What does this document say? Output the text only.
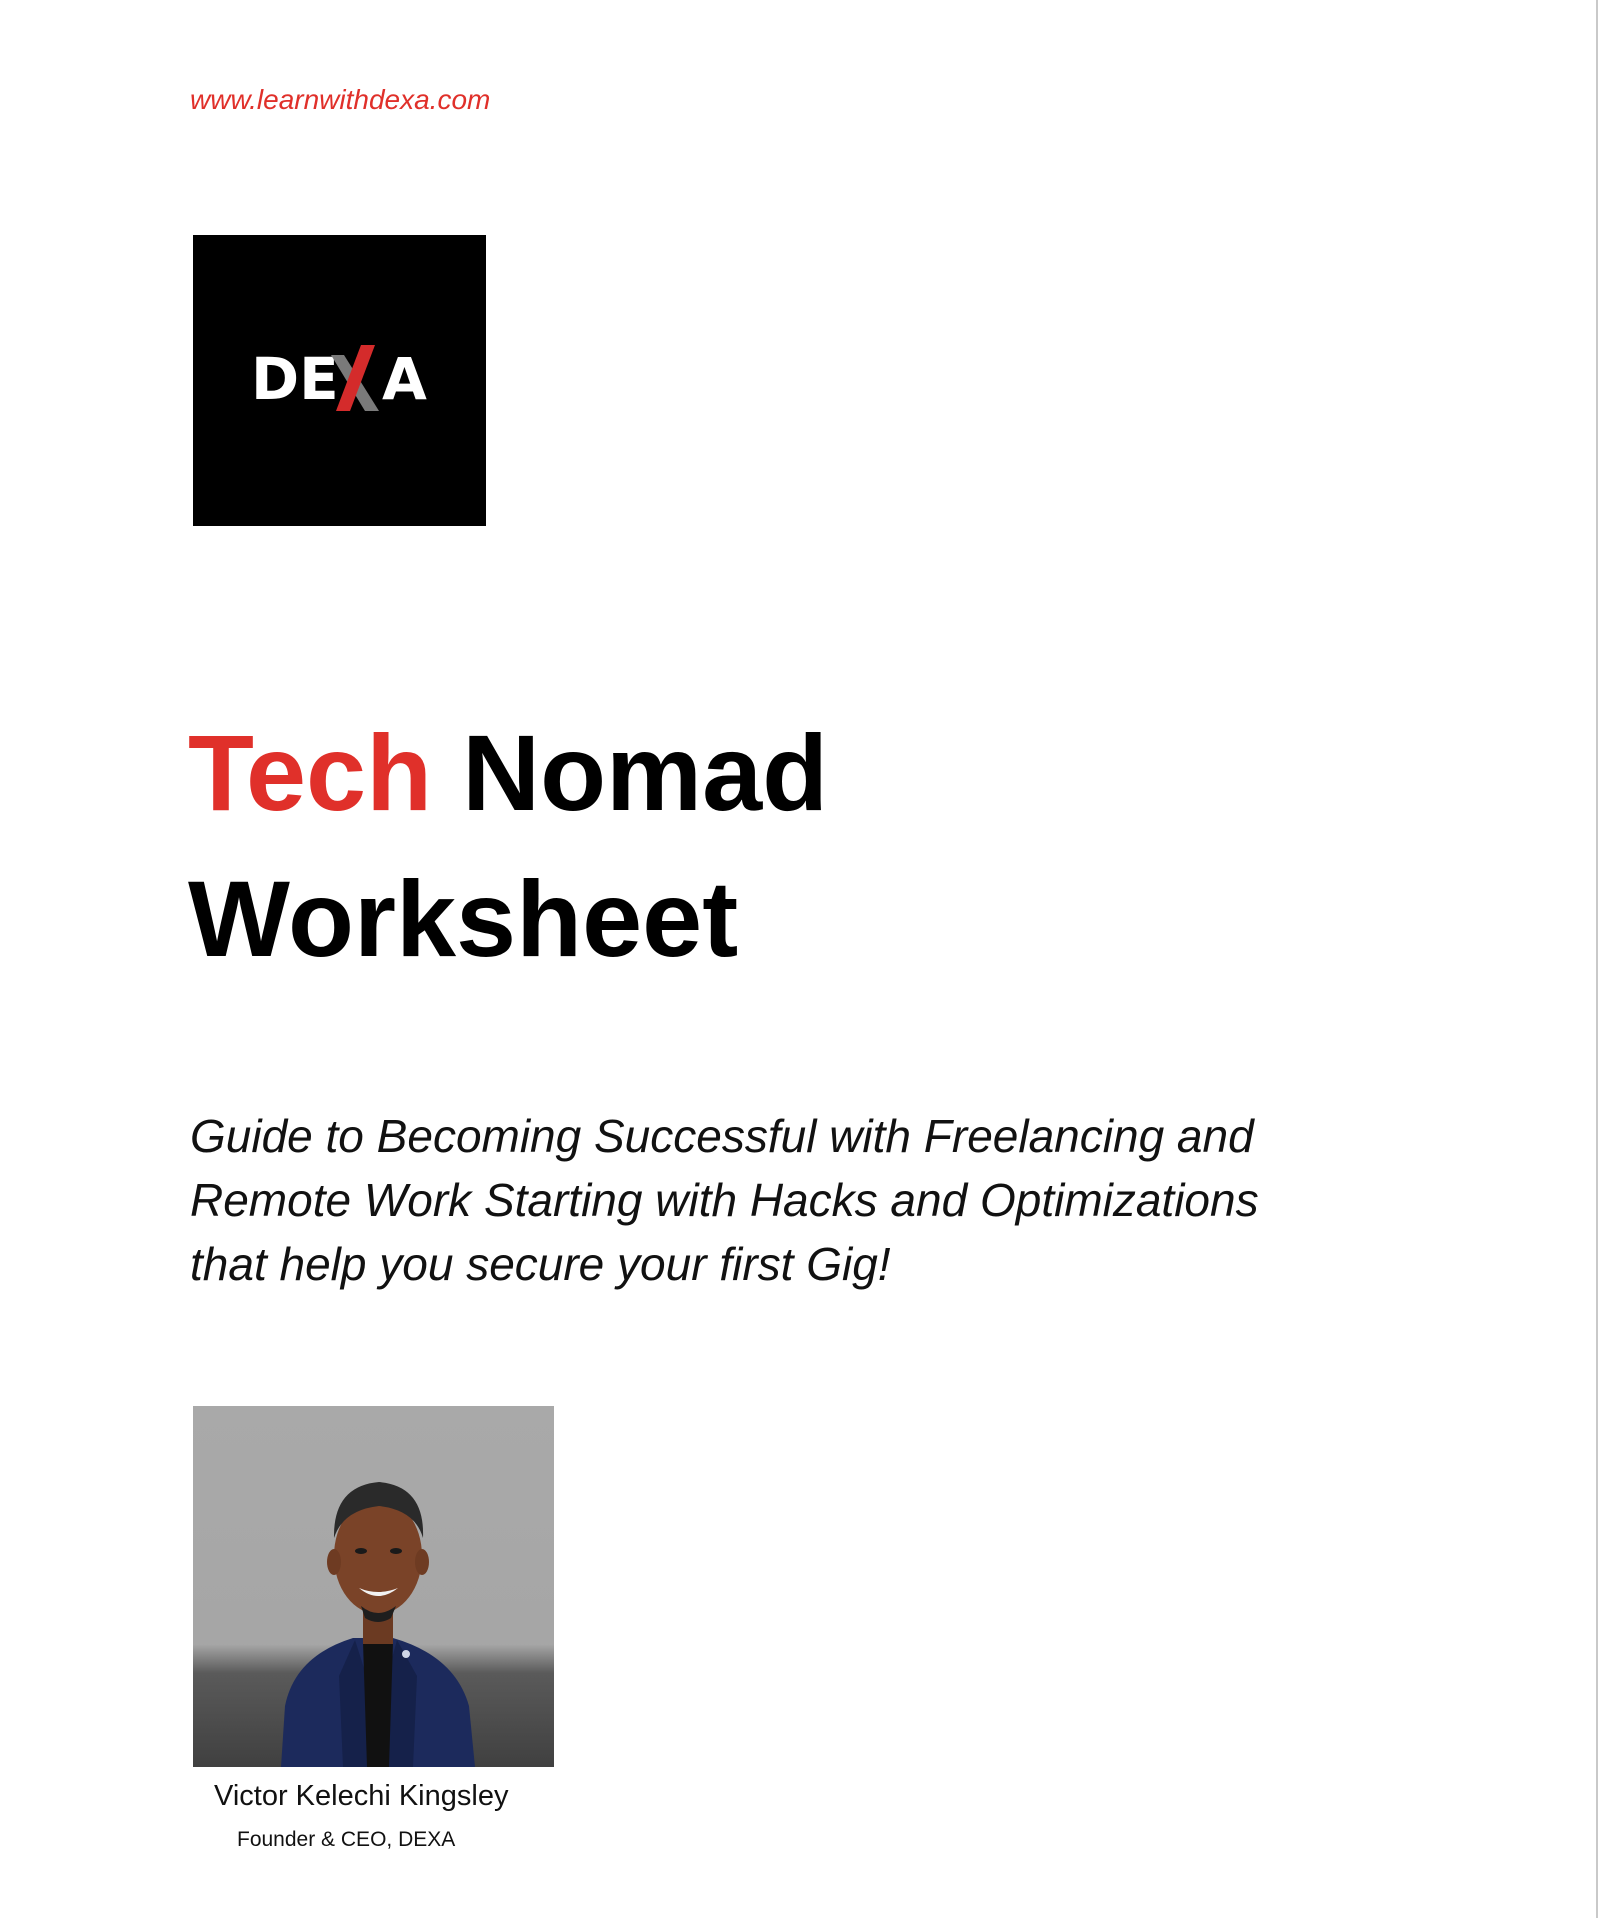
www.learnwithdexa.com
DE A
Tech Nomad
Worksheet

Guide to Becoming Successful with Freelancing and
Remote Work Starting with Hacks and Optimizations
that help you secure your first Gig!

Victor Kelechi Kingsley
Founder & CEO, DEXA
